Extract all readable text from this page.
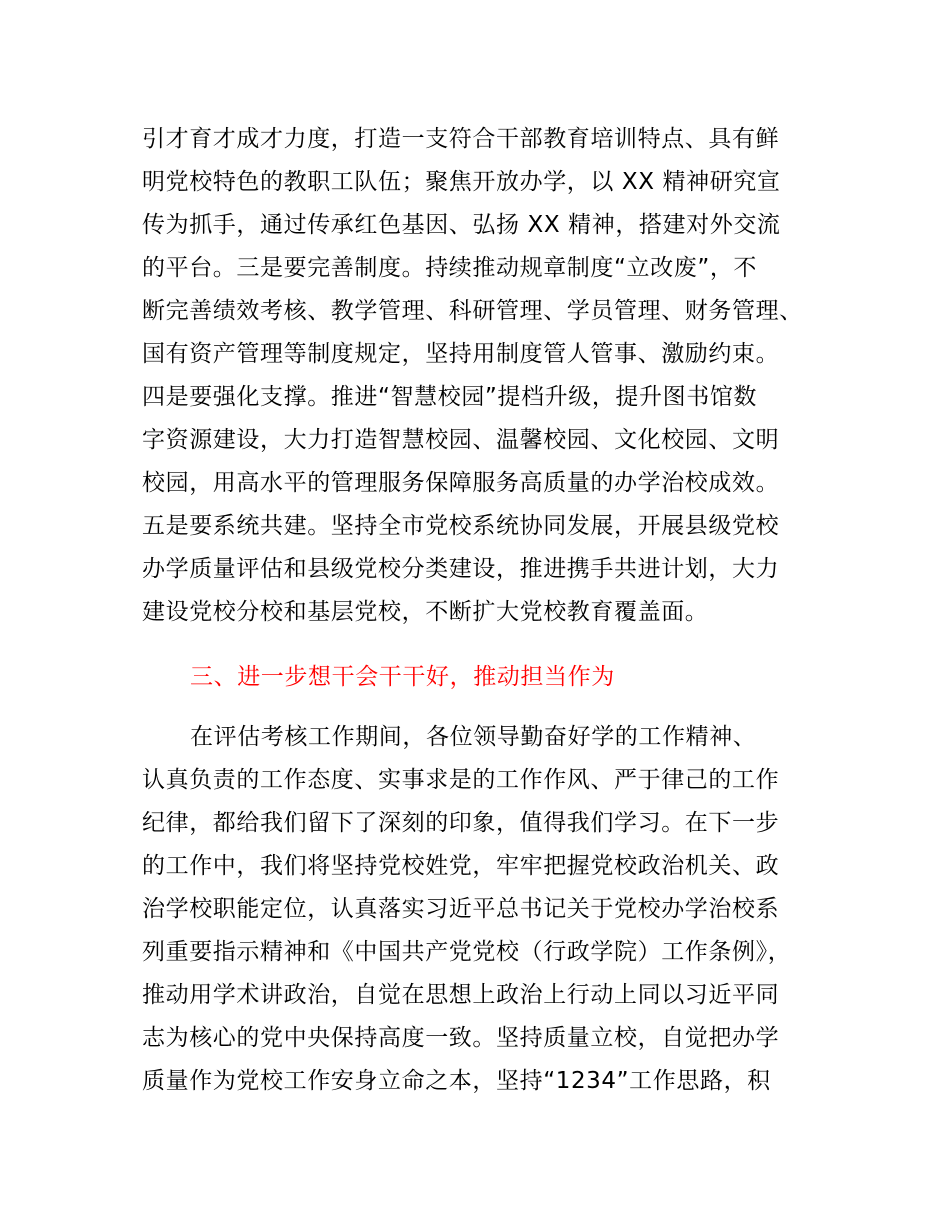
引才育才成才力度，打造一支符合干部教育培训特点、具有鲜
明党校特色的教职工队伍；聚焦开放办学，以 XX 精神研究宣
传为抓手，通过传承红色基因、弘扬 XX 精神，搭建对外交流
的平台。三是要完善制度。持续推动规章制度“立改废”，不
断完善绩效考核、教学管理、科研管理、学员管理、财务管理、
国有资产管理等制度规定，坚持用制度管人管事、激励约束。
四是要强化支撑。推进“智慧校园”提档升级，提升图书馆数
字资源建设，大力打造智慧校园、温馨校园、文化校园、文明
校园，用高水平的管理服务保障服务高质量的办学治校成效。
五是要系统共建。坚持全市党校系统协同发展，开展县级党校
办学质量评估和县级党校分类建设，推进携手共进计划，大力
建设党校分校和基层党校，不断扩大党校教育覆盖面。
三、进一步想干会干干好，推动担当作为
在评估考核工作期间，各位领导勤奋好学的工作精神、
认真负责的工作态度、实事求是的工作作风、严于律己的工作
纪律，都给我们留下了深刻的印象，值得我们学习。在下一步
的工作中，我们将坚持党校姓党，牢牢把握党校政治机关、政
治学校职能定位，认真落实习近平总书记关于党校办学治校系
列重要指示精神和《中国共产党党校（行政学院）工作条例》，
推动用学术讲政治，自觉在思想上政治上行动上同以习近平同
志为核心的党中央保持高度一致。坚持质量立校，自觉把办学
质量作为党校工作安身立命之本，坚持“1234”工作思路，积
